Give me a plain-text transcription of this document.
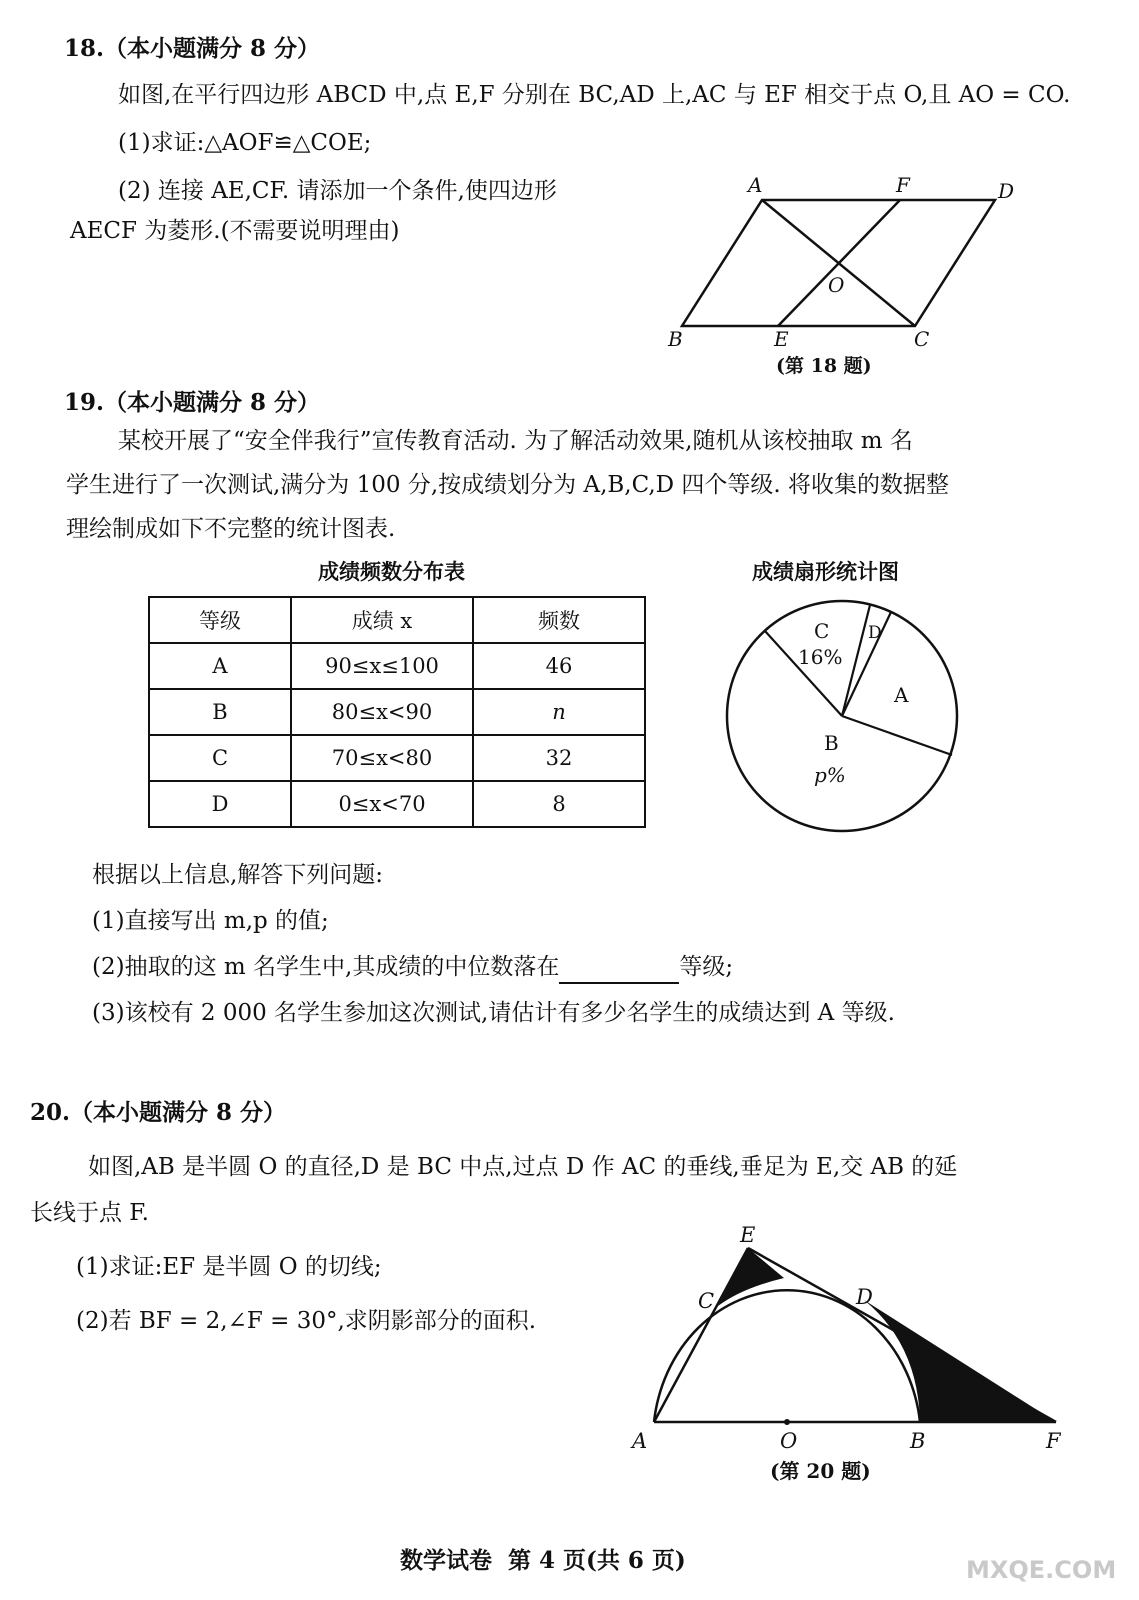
18.（本小题满分 8 分）
如图,在平行四边形 ABCD 中,点 E,F 分别在 BC,AD 上,AC 与 EF 相交于点 O,且 AO = CO.
(1)求证:△AOF≌△COE;
(2) 连接 AE,CF. 请添加一个条件,使四边形
AECF 为菱形.(不需要说明理由)
A	F	D
O
B	E	C
(第 18 题)
19.（本小题满分 8 分）
某校开展了“安全伴我行”宣传教育活动. 为了解活动效果,随机从该校抽取 m 名
学生进行了一次测试,满分为 100 分,按成绩划分为 A,B,C,D 四个等级. 将收集的数据整
理绘制成如下不完整的统计图表.
成绩频数分布表
等级	成绩 x	频数
A	90≤x≤100	46
B	80≤x<90	n
C	70≤x<80	32
D	0≤x<70	8
成绩扇形统计图
C
16%
D
A
B
p%
根据以上信息,解答下列问题:
(1)直接写出 m,p 的值;
(2)抽取的这 m 名学生中,其成绩的中位数落在	等级;
(3)该校有 2 000 名学生参加这次测试,请估计有多少名学生的成绩达到 A 等级.
20.（本小题满分 8 分）
如图,AB 是半圆 O 的直径,D 是 BC 中点,过点 D 作 AC 的垂线,垂足为 E,交 AB 的延
长线于点 F.
(1)求证:EF 是半圆 O 的切线;
(2)若 BF = 2,∠F = 30°,求阴影部分的面积.
E
C	D
A	O	B	F
(第 20 题)
数学试卷  第 4 页(共 6 页)	MXQE.COM
